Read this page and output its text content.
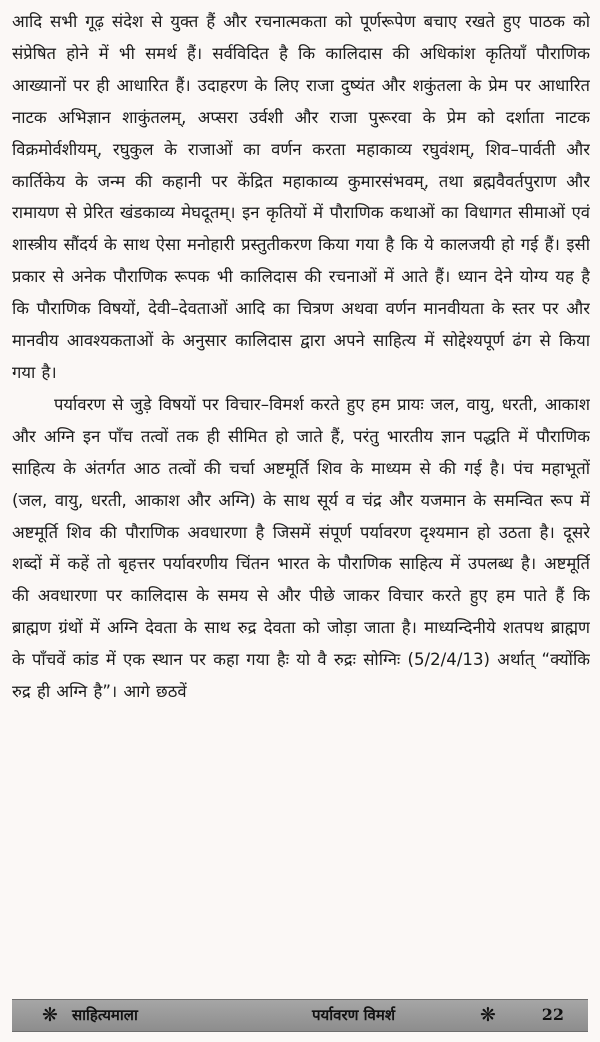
आदि सभी गूढ़ संदेश से युक्त हैं और रचनात्मकता को पूर्णरूपेण बचाए रखते हुए पाठक को संप्रेषित होने में भी समर्थ हैं। सर्वविदित है कि कालिदास की अधिकांश कृतियाँ पौराणिक आख्यानों पर ही आधारित हैं। उदाहरण के लिए राजा दुष्यंत और शकुंतला के प्रेम पर आधारित नाटक अभिज्ञान शाकुंतलम्, अप्सरा उर्वशी और राजा पुरूरवा के प्रेम को दर्शाता नाटक विक्रमोर्वशीयम्, रघुकुल के राजाओं का वर्णन करता महाकाव्य रघुवंशम्, शिव–पार्वती और कार्तिकेय के जन्म की कहानी पर केंद्रित महाकाव्य कुमारसंभवम्, तथा ब्रह्मवैवर्तपुराण और रामायण से प्रेरित खंडकाव्य मेघदूतम्। इन कृतियों में पौराणिक कथाओं का विधागत सीमाओं एवं शास्त्रीय सौंदर्य के साथ ऐसा मनोहारी प्रस्तुतीकरण किया गया है कि ये कालजयी हो गई हैं। इसी प्रकार से अनेक पौराणिक रूपक भी कालिदास की रचनाओं में आते हैं। ध्यान देने योग्य यह है कि पौराणिक विषयों, देवी–देवताओं आदि का चित्रण अथवा वर्णन मानवीयता के स्तर पर और मानवीय आवश्यकताओं के अनुसार कालिदास द्वारा अपने साहित्य में सोद्देश्यपूर्ण ढंग से किया गया है।

पर्यावरण से जुड़े विषयों पर विचार–विमर्श करते हुए हम प्रायः जल, वायु, धरती, आकाश और अग्नि इन पाँच तत्वों तक ही सीमित हो जाते हैं, परंतु भारतीय ज्ञान पद्धति में पौराणिक साहित्य के अंतर्गत आठ तत्वों की चर्चा अष्टमूर्ति शिव के माध्यम से की गई है। पंच महाभूतों (जल, वायु, धरती, आकाश और अग्नि) के साथ सूर्य व चंद्र और यजमान के समन्वित रूप में अष्टमूर्ति शिव की पौराणिक अवधारणा है जिसमें संपूर्ण पर्यावरण दृश्यमान हो उठता है। दूसरे शब्दों में कहें तो बृहत्तर पर्यावरणीय चिंतन भारत के पौराणिक साहित्य में उपलब्ध है। अष्टमूर्ति की अवधारणा पर कालिदास के समय से और पीछे जाकर विचार करते हुए हम पाते हैं कि ब्राह्मण ग्रंथों में अग्नि देवता के साथ रुद्र देवता को जोड़ा जाता है। माध्यन्दिनीये शतपथ ब्राह्मण के पाँचवें कांड में एक स्थान पर कहा गया हैः यो वै रुद्रः सोग्निः (5/2/4/13) अर्थात् “क्योंकि रुद्र ही अग्नि है”। आगे छठवें

❋ साहित्यमाला	पर्यावरण विमर्श	❋	22
